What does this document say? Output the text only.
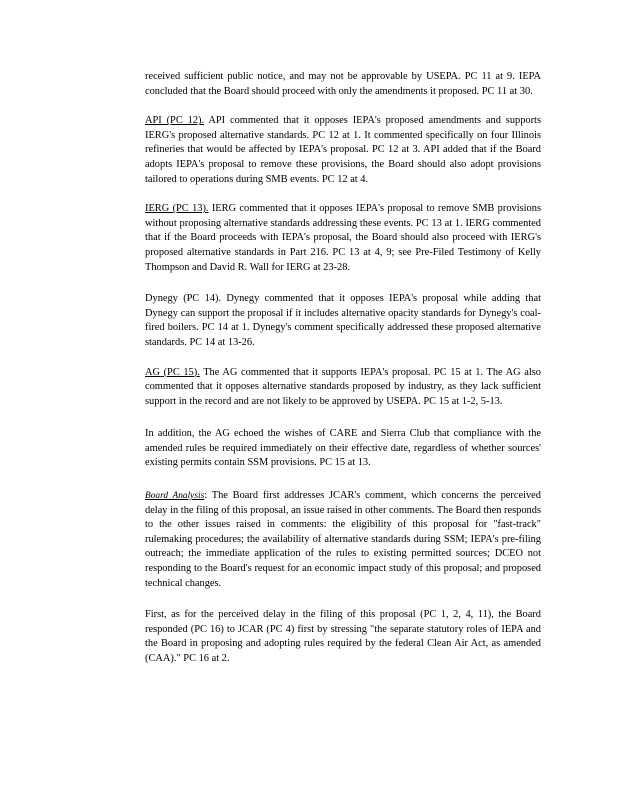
received sufficient public notice, and may not be approvable by USEPA. PC 11 at 9. IEPA concluded that the Board should proceed with only the amendments it proposed. PC 11 at 30.

API (PC 12). API commented that it opposes IEPA's proposed amendments and supports IERG's proposed alternative standards. PC 12 at 1. It commented specifically on four Illinois refineries that would be affected by IEPA's proposal. PC 12 at 3. API added that if the Board adopts IEPA's proposal to remove these provisions, the Board should also adopt provisions tailored to operations during SMB events. PC 12 at 4.

IERG (PC 13). IERG commented that it opposes IEPA's proposal to remove SMB provisions without proposing alternative standards addressing these events. PC 13 at 1. IERG commented that if the Board proceeds with IEPA's proposal, the Board should also proceed with IERG's proposed alternative standards in Part 216. PC 13 at 4, 9; see Pre-Filed Testimony of Kelly Thompson and David R. Wall for IERG at 23-28.

Dynegy (PC 14). Dynegy commented that it opposes IEPA's proposal while adding that Dynegy can support the proposal if it includes alternative opacity standards for Dynegy's coal-fired boilers. PC 14 at 1. Dynegy's comment specifically addressed these proposed alternative standards. PC 14 at 13-26.

AG (PC 15). The AG commented that it supports IEPA's proposal. PC 15 at 1. The AG also commented that it opposes alternative standards proposed by industry, as they lack sufficient support in the record and are not likely to be approved by USEPA. PC 15 at 1-2, 5-13.

In addition, the AG echoed the wishes of CARE and Sierra Club that compliance with the amended rules be required immediately on their effective date, regardless of whether sources' existing permits contain SSM provisions. PC 15 at 13.

Board Analysis: The Board first addresses JCAR's comment, which concerns the perceived delay in the filing of this proposal, an issue raised in other comments. The Board then responds to the other issues raised in comments: the eligibility of this proposal for "fast-track" rulemaking procedures; the availability of alternative standards during SSM; IEPA's pre-filing outreach; the immediate application of the rules to existing permitted sources; DCEO not responding to the Board's request for an economic impact study of this proposal; and proposed technical changes.

First, as for the perceived delay in the filing of this proposal (PC 1, 2, 4, 11), the Board responded (PC 16) to JCAR (PC 4) first by stressing "the separate statutory roles of IEPA and the Board in proposing and adopting rules required by the federal Clean Air Act, as amended (CAA)." PC 16 at 2.
